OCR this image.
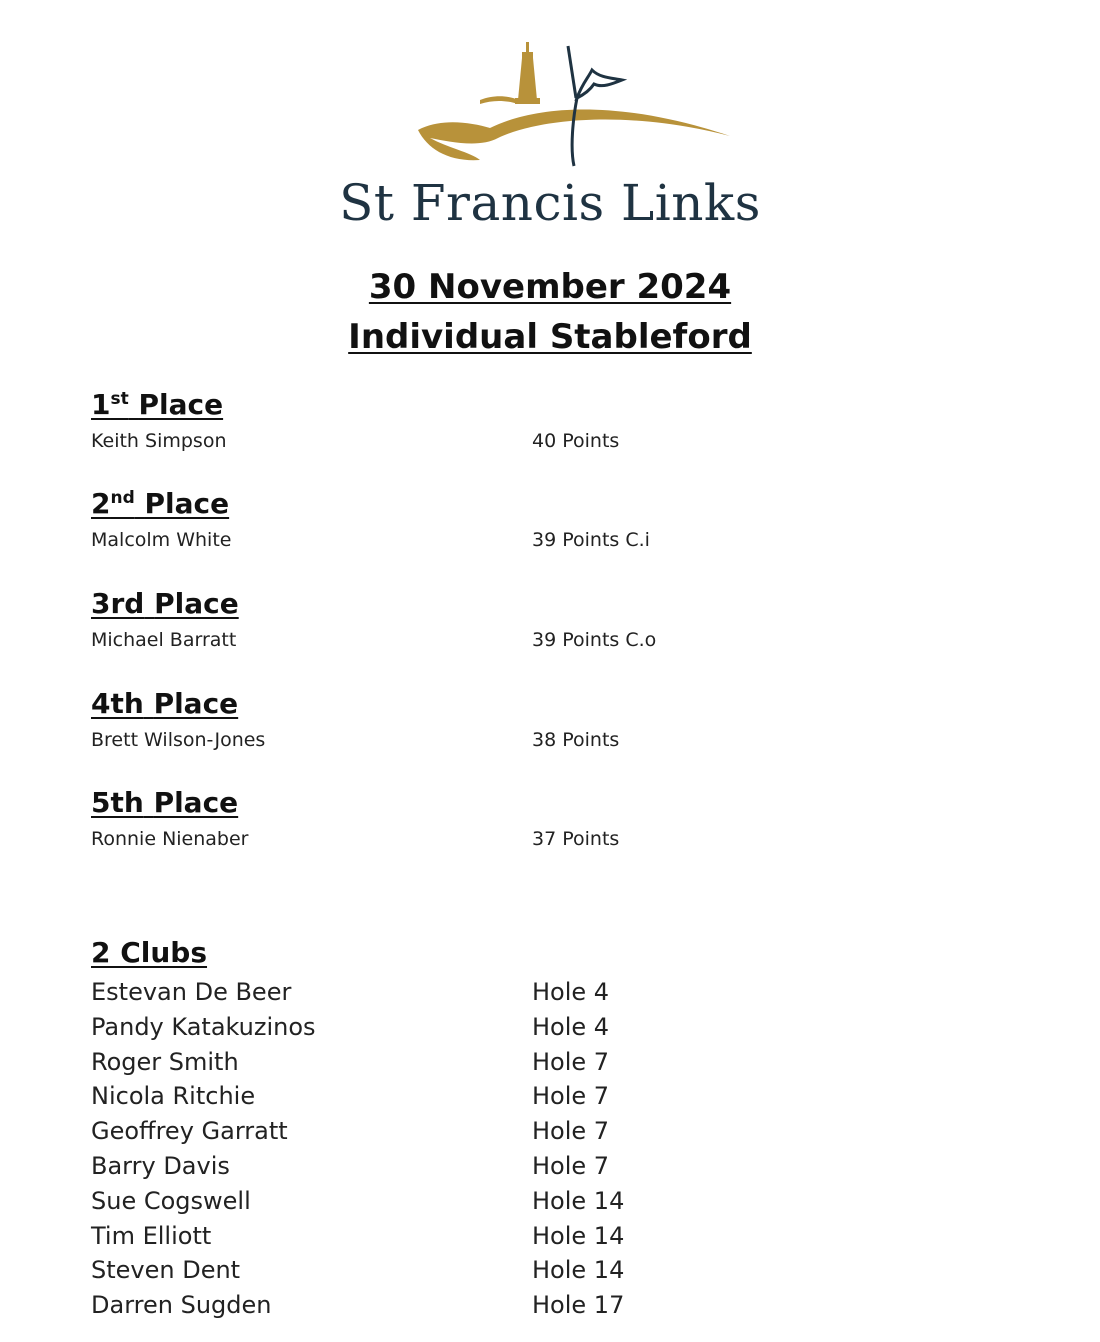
St Francis Links
30 November 2024
Individual Stableford
1st Place
Keith Simpson	40 Points
2nd Place
Malcolm White	39 Points C.i
3rd Place
Michael Barratt	39 Points C.o
4th Place
Brett Wilson-Jones	38 Points
5th Place
Ronnie Nienaber	37 Points
2 Clubs
Estevan De Beer	Hole 4
Pandy Katakuzinos	Hole 4
Roger Smith	Hole 7
Nicola Ritchie	Hole 7
Geoffrey Garratt	Hole 7
Barry Davis	Hole 7
Sue Cogswell	Hole 14
Tim Elliott	Hole 14
Steven Dent	Hole 14
Darren Sugden	Hole 17
